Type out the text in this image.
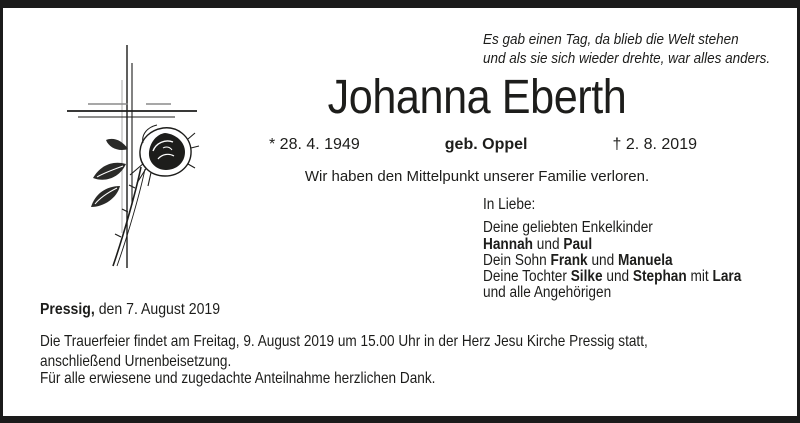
Es gab einen Tag, da blieb die Welt stehen
und als sie sich wieder drehte, war alles anders.
Johanna Eberth
* 28. 4. 1949	geb. Oppel	† 2. 8. 2019
Wir haben den Mittelpunkt unserer Familie verloren.
In Liebe:
Deine geliebten Enkelkinder
Hannah und Paul
Dein Sohn Frank und Manuela
Deine Tochter Silke und Stephan mit Lara
und alle Angehörigen
Pressig, den 7. August 2019
Die Trauerfeier findet am Freitag, 9. August 2019 um 15.00 Uhr in der Herz Jesu Kirche Pressig statt,
anschließend Urnenbeisetzung.
Für alle erwiesene und zugedachte Anteilnahme herzlichen Dank.
